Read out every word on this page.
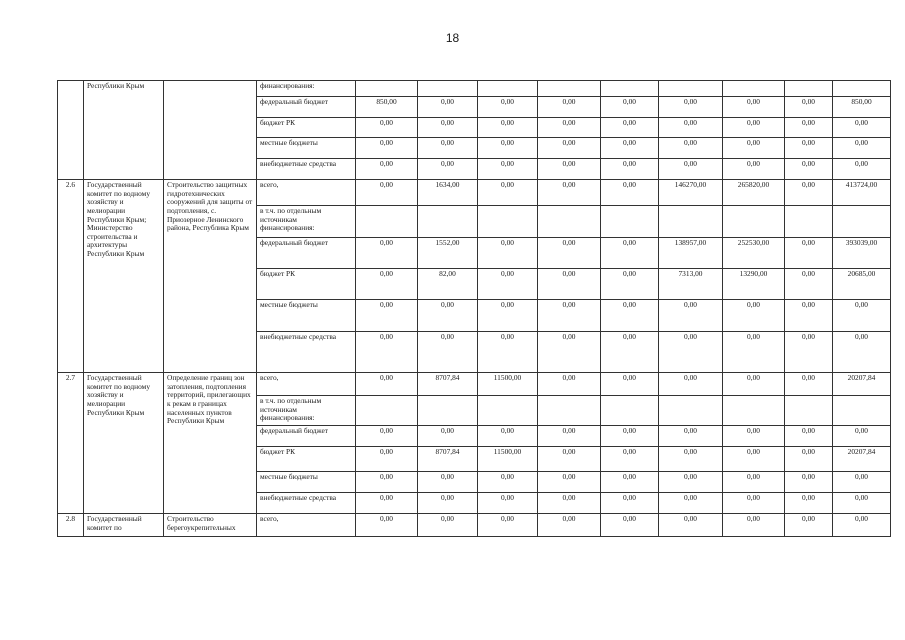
18
	Республики Крым		финансирования:									
			федеральный бюджет	850,00	0,00	0,00	0,00	0,00	0,00	0,00	0,00	850,00
			бюджет РК	0,00	0,00	0,00	0,00	0,00	0,00	0,00	0,00	0,00
			местные бюджеты	0,00	0,00	0,00	0,00	0,00	0,00	0,00	0,00	0,00
			внебюджетные средства	0,00	0,00	0,00	0,00	0,00	0,00	0,00	0,00	0,00
2.6	Государственный комитет по водному хозяйству и мелиорации Республики Крым; Министерство строительства и архитектуры Республики Крым	Строительство защитных гидротехнических сооружений для защиты от подтопления, с. Приозерное Ленинского района, Республика Крым	всего,	0,00	1634,00	0,00	0,00	0,00	146270,00	265820,00	0,00	413724,00
			в т.ч. по отдельным источникам финансирования:									
			федеральный бюджет	0,00	1552,00	0,00	0,00	0,00	138957,00	252530,00	0,00	393039,00
			бюджет РК	0,00	82,00	0,00	0,00	0,00	7313,00	13290,00	0,00	20685,00
			местные бюджеты	0,00	0,00	0,00	0,00	0,00	0,00	0,00	0,00	0,00
			внебюджетные средства	0,00	0,00	0,00	0,00	0,00	0,00	0,00	0,00	0,00
2.7	Государственный комитет по водному хозяйству и мелиорации Республики Крым	Определение границ зон затопления, подтопления территорий, прилегающих к рекам в границах населенных пунктов Республики Крым	всего,	0,00	8707,84	11500,00	0,00	0,00	0,00	0,00	0,00	20207,84
			в т.ч. по отдельным источникам финансирования:									
			федеральный бюджет	0,00	0,00	0,00	0,00	0,00	0,00	0,00	0,00	0,00
			бюджет РК	0,00	8707,84	11500,00	0,00	0,00	0,00	0,00	0,00	20207,84
			местные бюджеты	0,00	0,00	0,00	0,00	0,00	0,00	0,00	0,00	0,00
			внебюджетные средства	0,00	0,00	0,00	0,00	0,00	0,00	0,00	0,00	0,00
2.8	Государственный комитет по	Строительство берегоукрепительных	всего,	0,00	0,00	0,00	0,00	0,00	0,00	0,00	0,00	0,00
